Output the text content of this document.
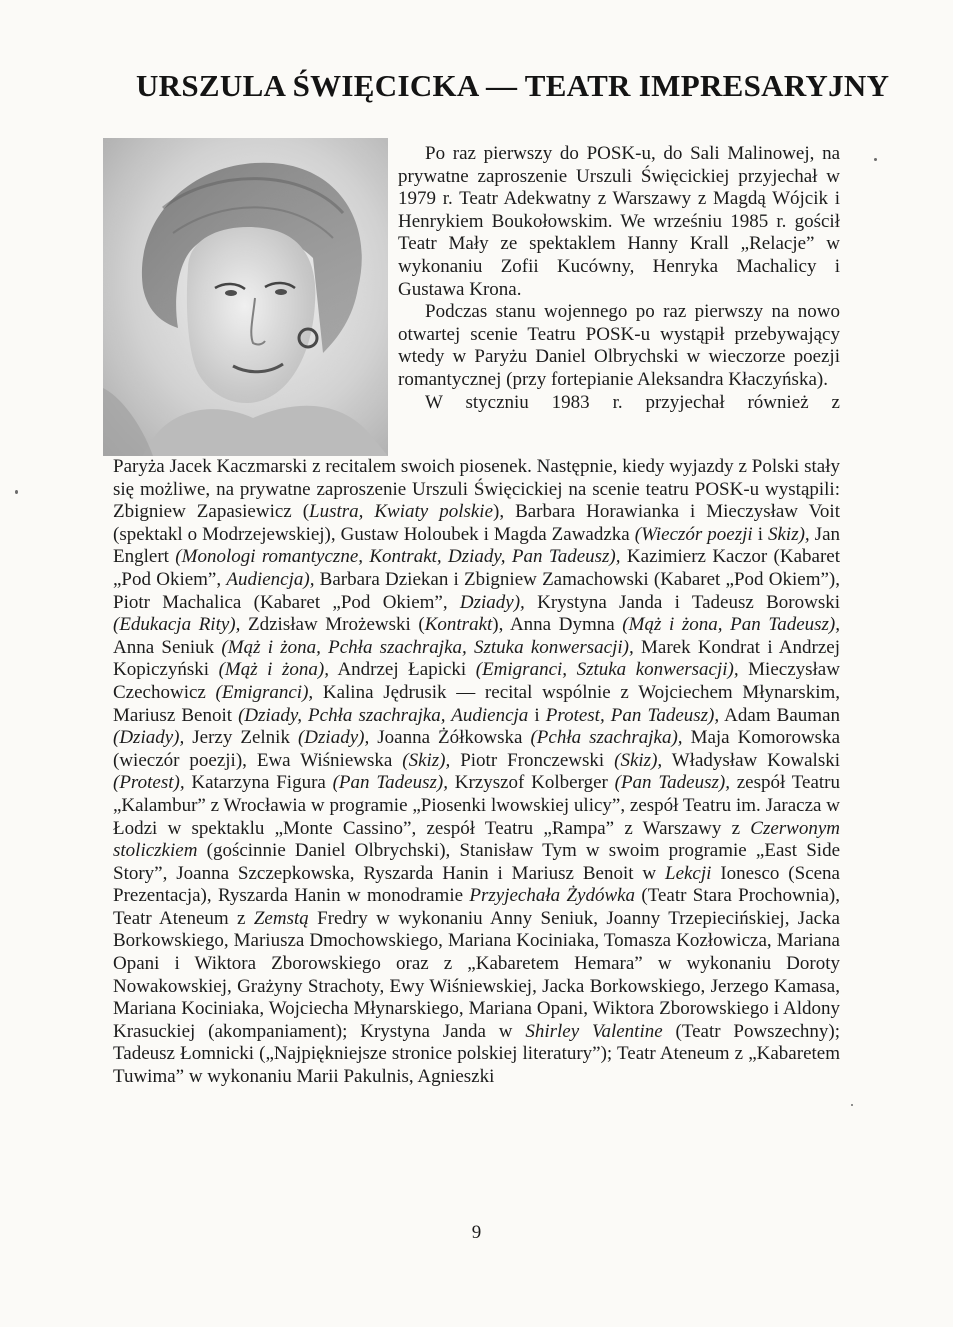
URSZULA ŚWIĘCICKA — TEATR IMPRESARYJNY

Po raz pierwszy do POSK-u, do Sali Malinowej, na prywatne zaproszenie Urszuli Święcickiej przyjechał w 1979 r. Teatr Adekwatny z Warszawy z Magdą Wójcik i Henrykiem Boukołowskim. We wrześniu 1985 r. gościł Teatr Mały ze spektaklem Hanny Krall „Relacje” w wykonaniu Zofii Kucówny, Henryka Machalicy i Gustawa Krona.

Podczas stanu wojennego po raz pierwszy na nowo otwartej scenie Teatru POSK-u wystąpił przebywający wtedy w Paryżu Daniel Olbrychski w wieczorze poezji romantycznej (przy fortepianie Aleksandra Kłaczyńska).

W styczniu 1983 r. przyjechał również z

Paryża Jacek Kaczmarski z recitalem swoich piosenek. Następnie, kiedy wyjazdy z Polski stały się możliwe, na prywatne zaproszenie Urszuli Święcickiej na scenie teatru POSK-u wystąpili: Zbigniew Zapasiewicz (Lustra, Kwiaty polskie), Barbara Horawianka i Mieczysław Voit (spektakl o Modrzejewskiej), Gustaw Holoubek i Magda Zawadzka (Wieczór poezji i Skiz), Jan Englert (Monologi romantyczne, Kontrakt, Dziady, Pan Tadeusz), Kazimierz Kaczor (Kabaret „Pod Okiem”, Audiencja), Barbara Dziekan i Zbigniew Zamachowski (Kabaret „Pod Okiem”), Piotr Machalica (Kabaret „Pod Okiem”, Dziady), Krystyna Janda i Tadeusz Borowski (Edukacja Rity), Zdzisław Mrożewski (Kontrakt), Anna Dymna (Mąż i żona, Pan Tadeusz), Anna Seniuk (Mąż i żona, Pchła szachrajka, Sztuka konwersacji), Marek Kondrat i Andrzej Kopiczyński (Mąż i żona), Andrzej Łapicki (Emigranci, Sztuka konwersacji), Mieczysław Czechowicz (Emigranci), Kalina Jędrusik — recital wspólnie z Wojciechem Młynarskim, Mariusz Benoit (Dziady, Pchła szachrajka, Audiencja i Protest, Pan Tadeusz), Adam Bauman (Dziady), Jerzy Zelnik (Dziady), Joanna Żółkowska (Pchła szachrajka), Maja Komorowska (wieczór poezji), Ewa Wiśniewska (Skiz), Piotr Fronczewski (Skiz), Władysław Kowalski (Protest), Katarzyna Figura (Pan Tadeusz), Krzyszof Kolberger (Pan Tadeusz), zespół Teatru „Kalambur” z Wrocławia w programie „Piosenki lwowskiej ulicy”, zespół Teatru im. Jaracza w Łodzi w spektaklu „Monte Cassino”, zespół Teatru „Rampa” z Warszawy z Czerwonym stoliczkiem (gościnnie Daniel Olbrychski), Stanisław Tym w swoim programie „East Side Story”, Joanna Szczepkowska, Ryszarda Hanin i Mariusz Benoit w Lekcji Ionesco (Scena Prezentacja), Ryszarda Hanin w monodramie Przyjechała Żydówka (Teatr Stara Prochownia), Teatr Ateneum z Zemstą Fredry w wykonaniu Anny Seniuk, Joanny Trzepiecińskiej, Jacka Borkowskiego, Mariusza Dmochowskiego, Mariana Kociniaka, Tomasza Kozłowicza, Mariana Opani i Wiktora Zborowskiego oraz z „Kabaretem Hemara” w wykonaniu Doroty Nowakowskiej, Grażyny Strachoty, Ewy Wiśniewskiej, Jacka Borkowskiego, Jerzego Kamasa, Mariana Kociniaka, Wojciecha Młynarskiego, Mariana Opani, Wiktora Zborowskiego i Aldony Krasuckiej (akompaniament); Krystyna Janda w Shirley Valentine (Teatr Powszechny); Tadeusz Łomnicki („Najpiękniejsze stronice polskiej literatury”); Teatr Ateneum z „Kabaretem Tuwima” w wykonaniu Marii Pakulnis, Agnieszki

9
